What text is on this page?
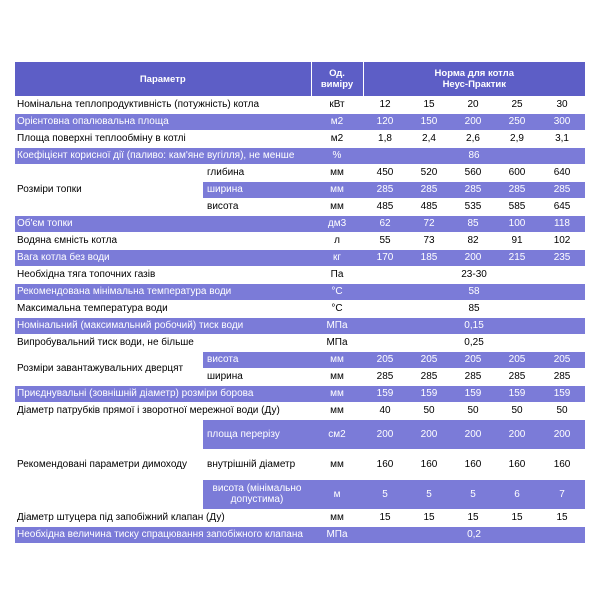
Параметр		Од. виміру	Норма для котла
Неус-Практик				

Номінальна теплопродуктивність (потужність) котла		кВт	12	15	20	25	30
Орієнтовна опалювальна площа		м2	120	150	200	250	300
Площа поверхні теплообміну в котлі		м2	1,8	2,4	2,6	2,9	3,1
Коефіцієнт корисної дії (паливо: кам'яне вугілля), не менше		%	86				
Розміри топки	глибина	мм	450	520	560	600	640
	ширина	мм	285	285	285	285	285
	висота	мм	485	485	535	585	645
Об'єм топки		дм3	62	72	85	100	118
Водяна ємність котла		л	55	73	82	91	102
Вага котла без води		кг	170	185	200	215	235
Необхідна тяга топочних газів		Па	23-30				
Рекомендована мінімальна температура води		°С	58				
Максимальна температура води		°С	85				
Номінальний (максимальний робочий) тиск води		МПа	0,15				
Випробувальний тиск води, не більше		МПа	0,25				
Розміри завантажувальних дверцят	висота	мм	205	205	205	205	205
	ширина	мм	285	285	285	285	285
Приєднувальні (зовнішній діаметр) розміри борова		мм	159	159	159	159	159
Діаметр патрубків прямої і зворотної мережної води (Ду)		мм	40	50	50	50	50
Рекомендовані параметри димоходу	площа перерізу	см2	200	200	200	200	200
	внутрішній діаметр	мм	160	160	160	160	160
	висота (мінімально допустима)	м	5	5	5	6	7
Діаметр штуцера під запобіжний клапан (Ду)		мм	15	15	15	15	15
Необхідна величина тиску спрацювання запобіжного клапана		МПа	0,2				
